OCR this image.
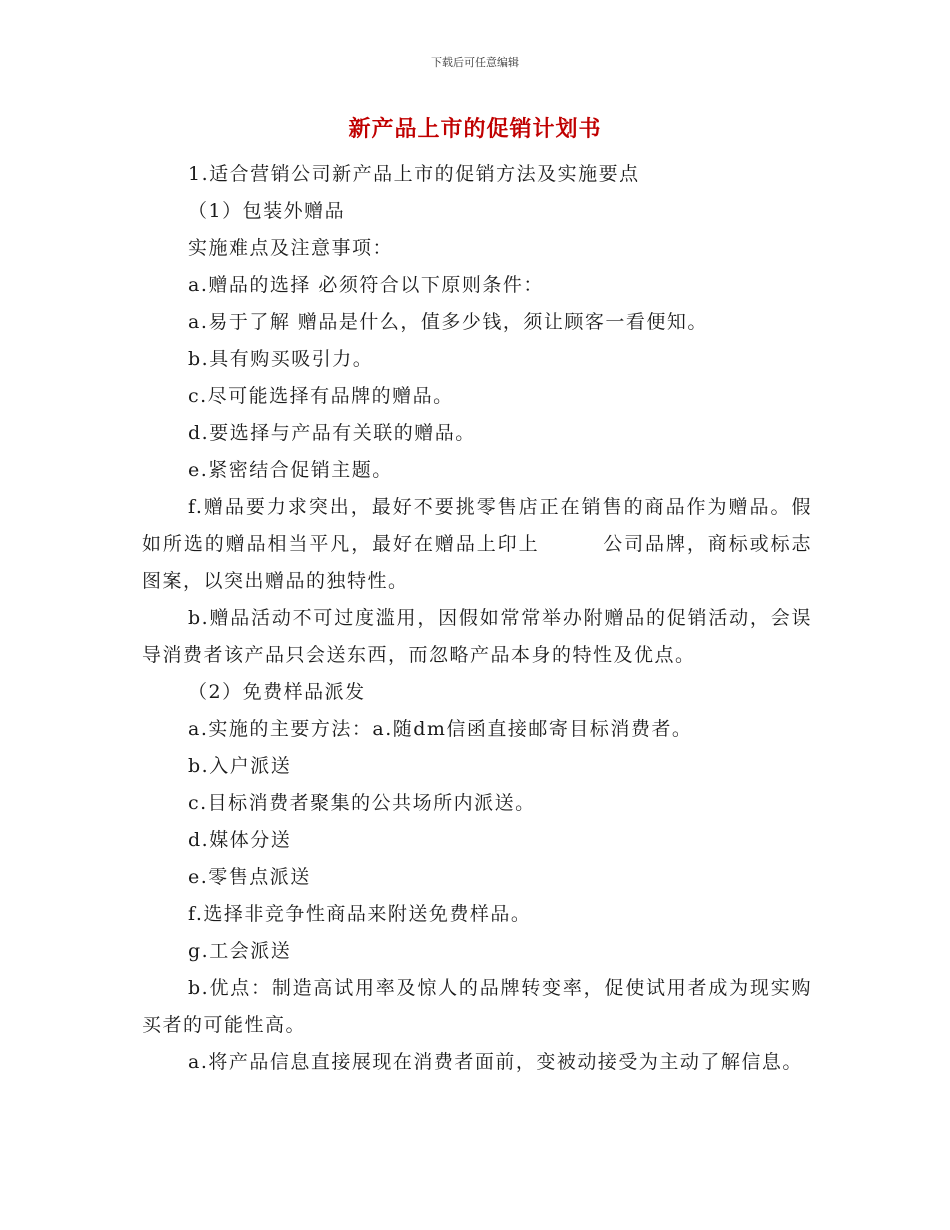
下载后可任意编辑
新产品上市的促销计划书

1.适合营销公司新产品上市的促销方法及实施要点

（1）包装外赠品

实施难点及注意事项：

a.赠品的选择 必须符合以下原则条件：

a.易于了解 赠品是什么，值多少钱，须让顾客一看便知。

b.具有购买吸引力。

c.尽可能选择有品牌的赠品。

d.要选择与产品有关联的赠品。

e.紧密结合促销主题。

f.赠品要力求突出，最好不要挑零售店正在销售的商品作为赠品。假如所选的赠品相当平凡，最好在赠品上印上        公司品牌，商标或标志图案，以突出赠品的独特性。

b.赠品活动不可过度滥用，因假如常常举办附赠品的促销活动，会误导消费者该产品只会送东西，而忽略产品本身的特性及优点。

（2）免费样品派发

a.实施的主要方法：a.随dm信函直接邮寄目标消费者。

b.入户派送

c.目标消费者聚集的公共场所内派送。

d.媒体分送

e.零售点派送

f.选择非竞争性商品来附送免费样品。

g.工会派送

b.优点：制造高试用率及惊人的品牌转变率，促使试用者成为现实购买者的可能性高。

a.将产品信息直接展现在消费者面前，变被动接受为主动了解信息。
